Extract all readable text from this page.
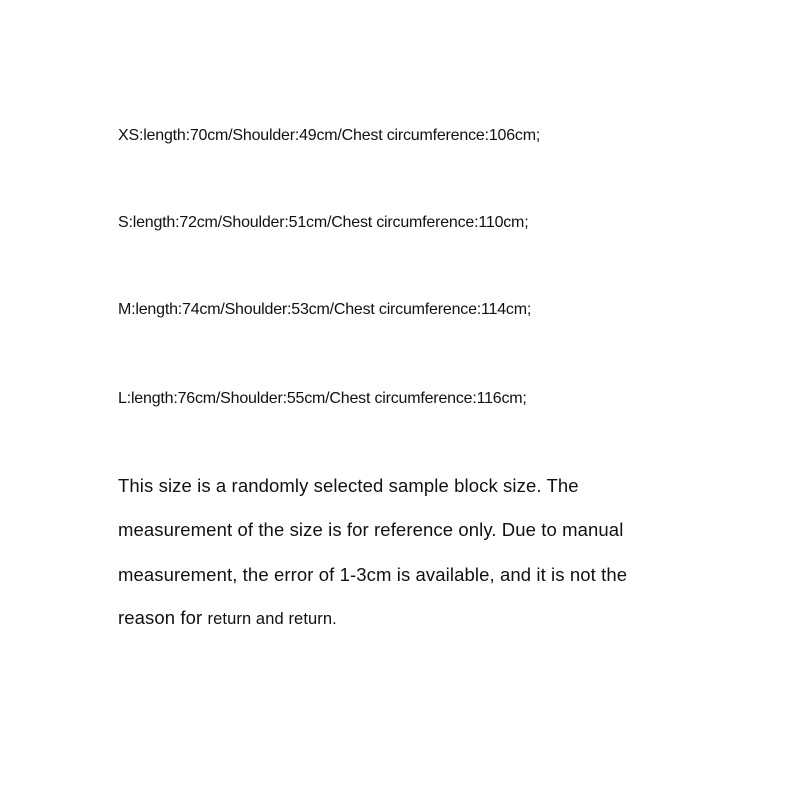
XS:length:70cm/Shoulder:49cm/Chest circumference:106cm;
S:length:72cm/Shoulder:51cm/Chest circumference:110cm;
M:length:74cm/Shoulder:53cm/Chest circumference:114cm;
L:length:76cm/Shoulder:55cm/Chest circumference:116cm;
This size is a randomly selected sample block size. The
measurement of the size is for reference only. Due to manual
measurement, the error of 1-3cm is available, and it is not the
reason for return and return.
